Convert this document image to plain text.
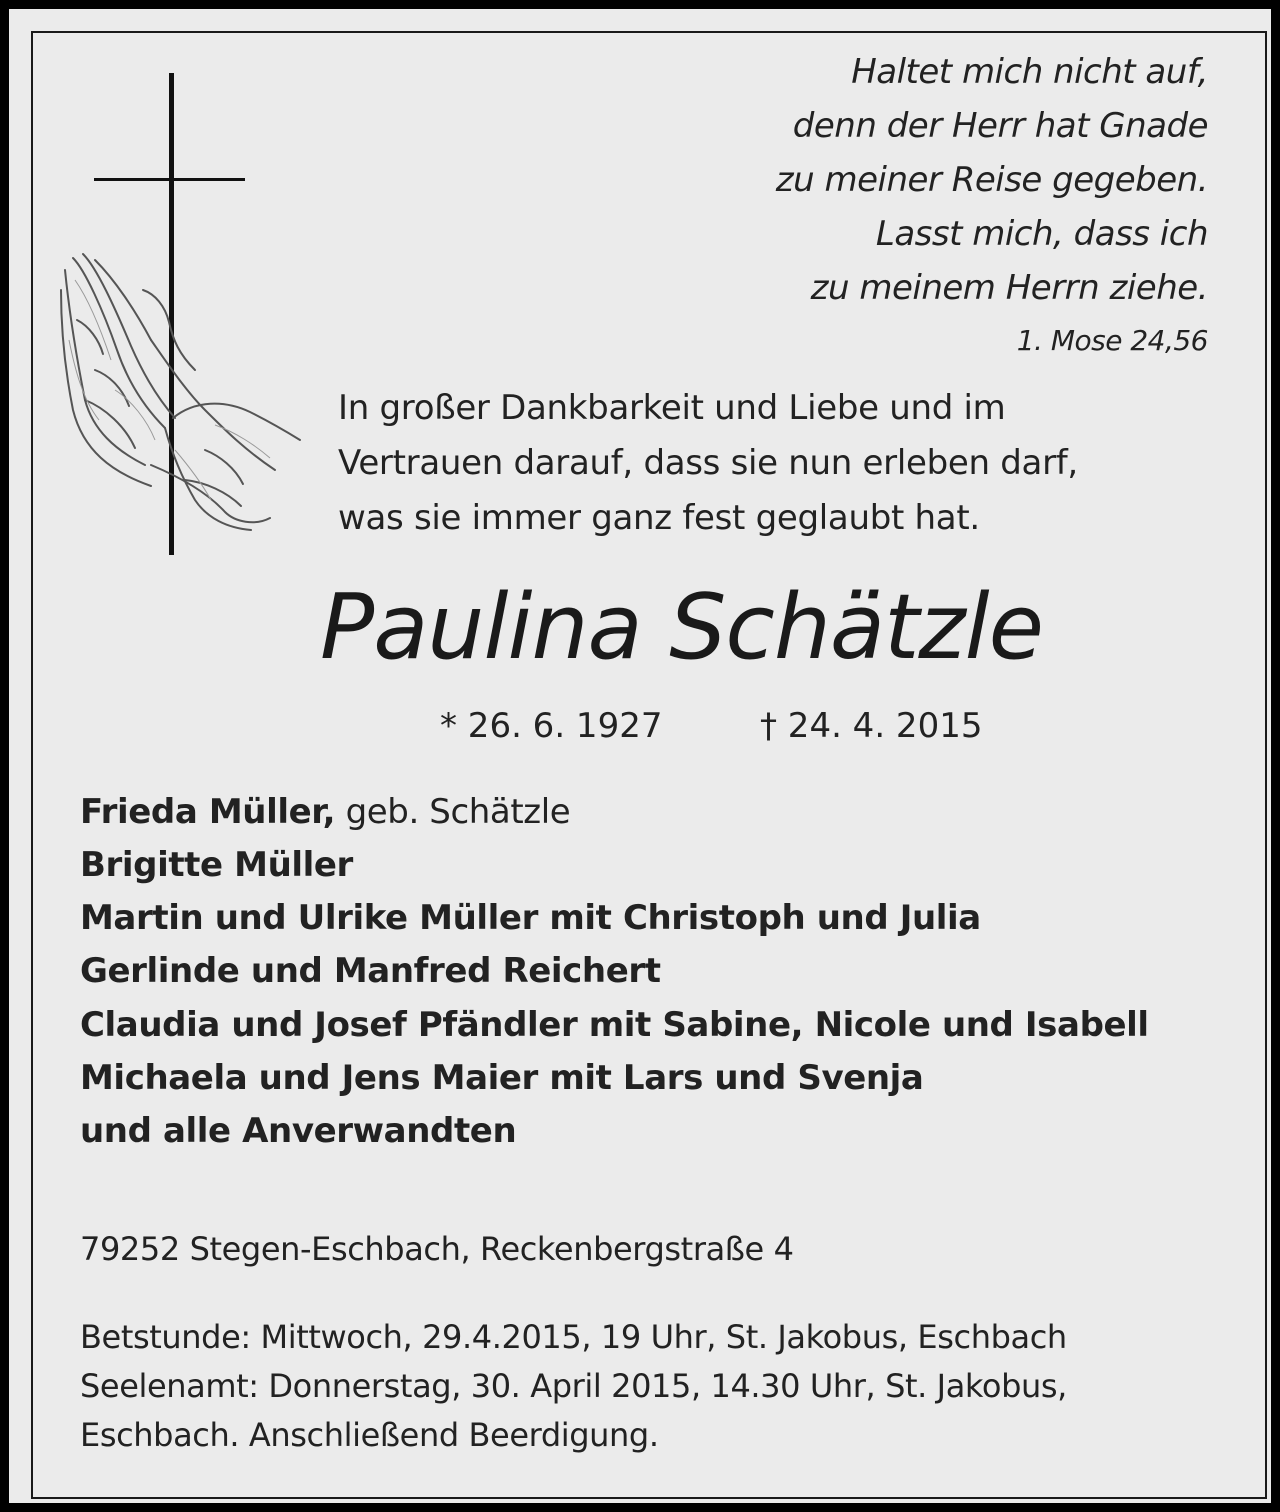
Haltet mich nicht auf,
denn der Herr hat Gnade
zu meiner Reise gegeben.
Lasst mich, dass ich
zu meinem Herrn ziehe.
1. Mose 24,56
In großer Dankbarkeit und Liebe und im
Vertrauen darauf, dass sie nun erleben darf,
was sie immer ganz fest geglaubt hat.
Paulina Schätzle
* 26. 6. 1927	† 24. 4. 2015
Frieda Müller, geb. Schätzle
Brigitte Müller
Martin und Ulrike Müller mit Christoph und Julia
Gerlinde und Manfred Reichert
Claudia und Josef Pfändler mit Sabine, Nicole und Isabell
Michaela und Jens Maier mit Lars und Svenja
und alle Anverwandten
79252 Stegen-Eschbach, Reckenbergstraße 4
Betstunde: Mittwoch, 29.4.2015, 19 Uhr, St. Jakobus, Eschbach
Seelenamt: Donnerstag, 30. April 2015, 14.30 Uhr, St. Jakobus,
Eschbach. Anschließend Beerdigung.
